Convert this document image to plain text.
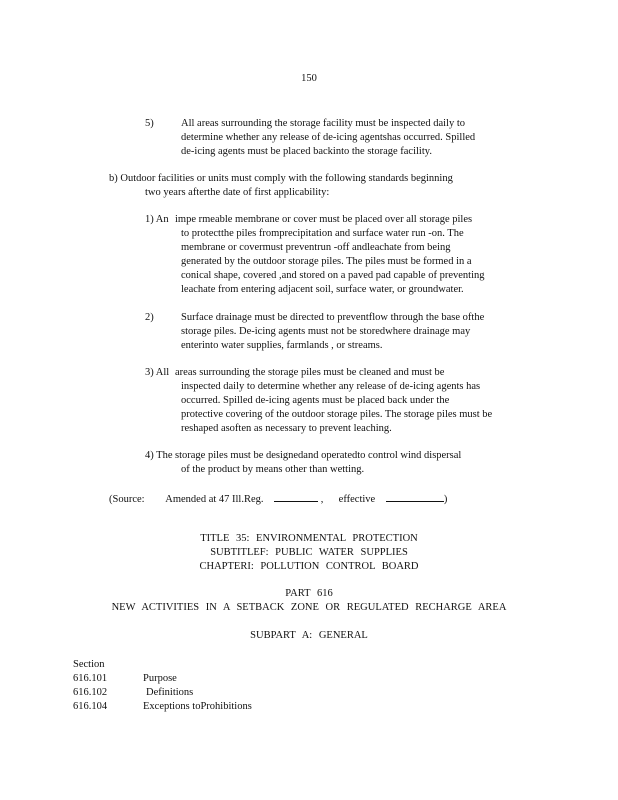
150

5)	All areas surrounding the storage facility must be inspected daily to

determine whether any release of de-icing agentshas occurred. Spilled

de-icing agents must be placed backinto the storage facility.

b) Outdoor facilities or units must comply with the following standards beginning

two years afterthe date of first applicability:

1) An impe rmeable membrane or cover must be placed over all storage piles

to protectthe piles fromprecipitation and surface water run -on. The

membrane or covermust preventrun -off andleachate from being

generated by the outdoor storage piles. The piles must be formed in a

conical shape, covered ,and stored on a paved pad capable of preventing

leachate from entering adjacent soil, surface water, or groundwater.

2)	Surface drainage must be directed to preventflow through the base ofthe

storage piles. De-icing agents must not be storedwhere drainage may

enterinto water supplies, farmlands , or streams.

3) All areas surrounding the storage piles must be cleaned and must be

inspected daily to determine whether any release of de-icing agents has

occurred. Spilled de-icing agents must be placed back under the

protective covering of the outdoor storage piles. The storage piles must be

reshaped asoften as necessary to prevent leaching.

4) The storage piles must be designedand operatedto control wind dispersal

of the product by means other than wetting.

(Source: Amended at 47 Ill.Reg.	, effective	)

TITLE 35: ENVIRONMENTAL PROTECTION

SUBTITLEF: PUBLIC WATER SUPPLIES

CHAPTERI: POLLUTION CONTROL BOARD

PART 616

NEW ACTIVITIES IN A SETBACK ZONE OR REGULATED RECHARGE AREA

SUBPART A: GENERAL

Section
616.101	Purpose
616.102	Definitions
616.104	Exceptions toProhibitions
